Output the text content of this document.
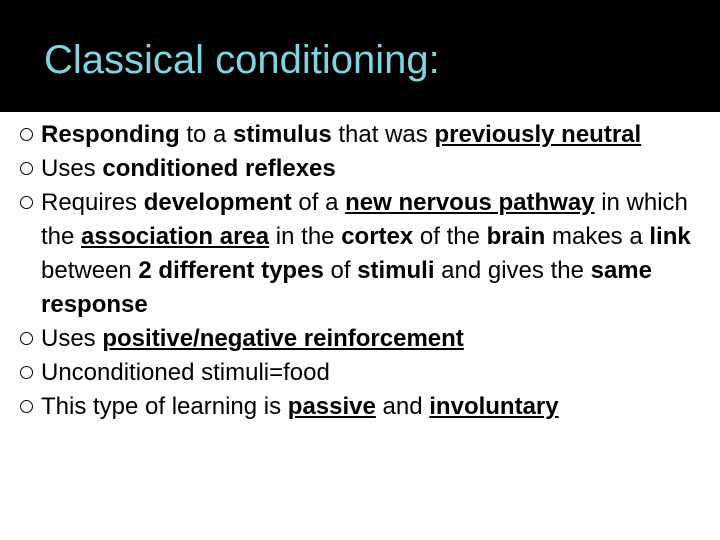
Classical conditioning:
Responding to a stimulus that was previously neutral
Uses conditioned reflexes
Requires development of a new nervous pathway in which the association area in the cortex of the brain makes a link between 2 different types of stimuli and gives the same response
Uses positive/negative reinforcement
Unconditioned stimuli=food
This type of learning is passive and involuntary
